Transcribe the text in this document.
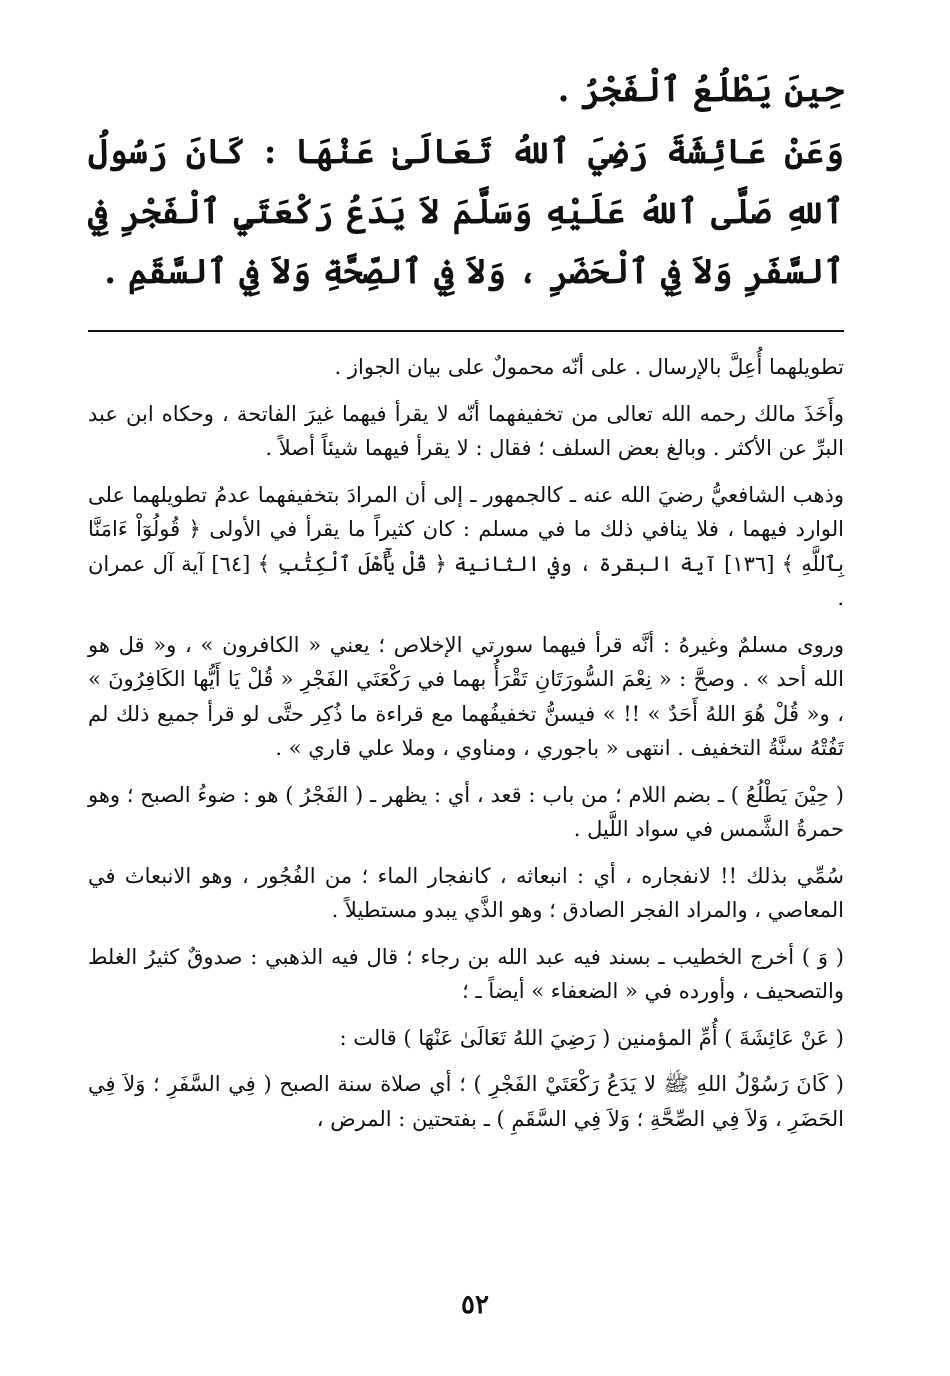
حِينَ يَطْلُعُ ٱلْفَجْرُ .

وَعَنْ عَائِشَةَ رَضِيَ ٱللهُ تَعَالَىٰ عَنْهَا : كَانَ رَسُولُ ٱللهِ صَلَّى ٱللهُ عَلَيْهِ وَسَلَّمَ لاَ يَدَعُ رَكْعَتَيِ ٱلْفَجْرِ فِي ٱلسَّفَرِ وَلاَ فِي ٱلْحَضَرِ ، وَلاَ فِي ٱلصِّحَّةِ وَلاَ فِي ٱلسَّقَمِ .

تطويلهما أُعِلَّ بالإرسال . على أنّه محمولٌ على بيان الجواز .

وأَخَذَ مالك رحمه الله تعالى من تخفيفهما أنّه لا يقرأ فيهما غيرَ الفاتحة ، وحكاه ابن عبد البرِّ عن الأكثر . وبالغ بعض السلف ؛ فقال : لا يقرأ فيهما شيئاً أصلاً .

وذهب الشافعيُّ رضيَ الله عنه ـ كالجمهور ـ إلى أن المرادَ بتخفيفهما عدمُ تطويلهما على الوارد فيهما ، فلا ينافي ذلك ما في مسلم : كان كثيراً ما يقرأ في الأولى ﴿ قُولُوٓاْ ءَامَنَّا بِٱللَّهِ ﴾ [١٣٦] آية البقرة ، وفي الثانية ﴿ قُلْ يَٰٓأَهْلَ ٱلْكِتَٰبِ ﴾ [٦٤] آية آل عمران .

وروى مسلمٌ وغيرهُ : أنَّه قرأ فيهما سورتي الإخلاص ؛ يعني « الكافرون » ، و« قل هو الله أحد » . وصحَّ : « نِعْمَ السُّورَتَانِ تَقْرَأُ بهما في رَكْعَتَي الفَجْرِ « قُلْ يَا أَيُّها الكَافِرُونَ » ، و« قُلْ هُوَ اللهُ أَحَدٌ » !! » فيسنُّ تخفيفُهما مع قراءة ما ذُكِر حتَّى لو قرأ جميع ذلك لم تَفُتْهُ سنَّةُ التخفيف . انتهى « باجوري ، ومناوي ، وملا علي قاري » .

( حِيْنَ يَطْلُعُ ) ـ بضم اللام ؛ من باب : قعد ، أي : يظهر ـ ( الفَجْرُ ) هو : ضوءُ الصبح ؛ وهو حمرةُ الشَّمس في سواد اللَّيل .

سُمِّي بذلك !! لانفجاره ، أي : انبعاثه ، كانفجار الماء ؛ من الفُجُور ، وهو الانبعاث في المعاصي ، والمراد الفجر الصادق ؛ وهو الذَّي يبدو مستطيلاً .

( وَ ) أخرج الخطيب ـ بسند فيه عبد الله بن رجاء ؛ قال فيه الذهبي : صدوقٌ كثيرُ الغلط والتصحيف ، وأورده في « الضعفاء » أيضاً ـ ؛

( عَنْ عَائِشَةَ ) أُمِّ المؤمنين ( رَضِيَ اللهُ تَعَالَىٰ عَنْهَا ) قالت :

( كَانَ رَسُوْلُ اللهِ ﷺ لا يَدَعُ رَكْعَتَيْ الفَجْرِ ) ؛ أي صلاة سنة الصبح ( فِي السَّفَرِ ؛ وَلاَ فِي الحَضَرِ ، وَلاَ فِي الصِّحَّةِ ؛ وَلاَ فِي السَّقَمِ ) ـ بفتحتين : المرض ،

٥٢
